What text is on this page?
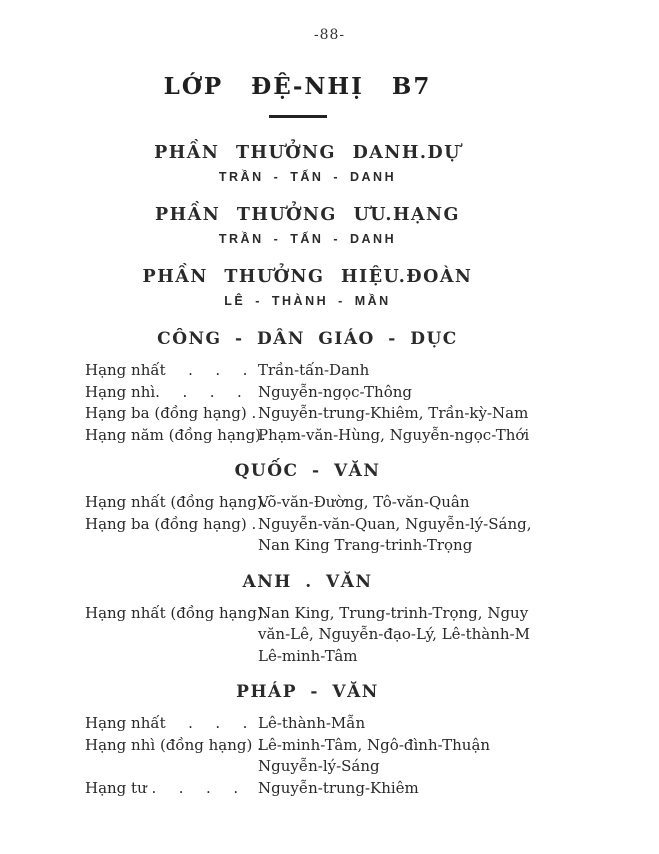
-88-
LỚP ĐỆ-NHỊ B7
PHẦN THƯỞNG DANH.DỰ
TRẦN - TẤN - DANH
PHẦN THƯỞNG ƯU.HẠNG
TRẦN - TẤN - DANH
PHẦN THƯỞNG HIỆU.ĐOÀN
LÊ - THÀNH - MẦN
CÔNG - DÂN GIÁO - DỤC
Hạng nhất  .  .  . Trần-tấn-Danh
Hạng nhì.  .  .  .	Nguyễn-ngọc-Thông
Hạng ba (đồng hạng) . Nguyễn-trung-Khiêm, Trần-kỳ-Nam
Hạng năm (đồng hạng).
Phạm-văn-Hùng, Nguyễn-ngọc-Thới
QUỐC - VĂN
Hạng nhất (đồng hạng).
Võ-văn-Đường, Tô-văn-Quân
Hạng ba (đồng hạng) . Nguyễn-văn-Quan, Nguyễn-lý-Sáng,
Nan King Trang-trinh-Trọng
ANH . VĂN
Hạng nhất (đồng hạng).
Nan King, Trung-trinh-Trọng, Nguy
văn-Lê, Nguyễn-đạo-Lý, Lê-thành-M
Lê-minh-Tâm
PHÁP - VĂN
Hạng nhất  .  .　 . Lê-thành-Mẫn
Hạng nhì (đồng hạng) .
Lê-minh-Tâm, Ngô-đình-Thuận
Nguyễn-lý-Sáng
Hạng tư .  .  .  .	Nguyễn-trung-Khiêm
